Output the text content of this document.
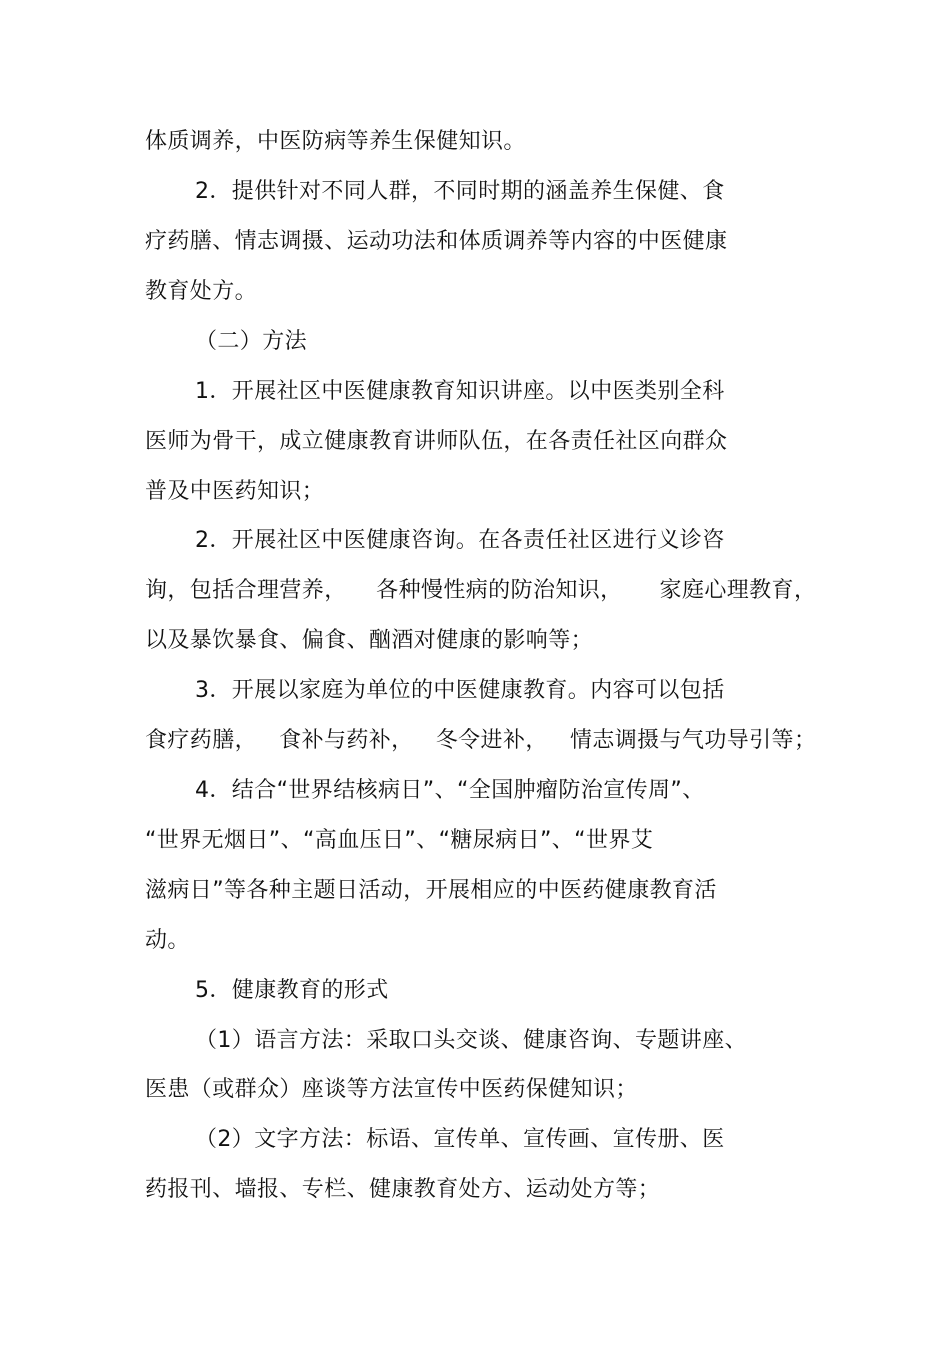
体质调养，中医防病等养生保健知识。
2．提供针对不同人群，不同时期的涵盖养生保健、食
疗药膳、情志调摄、运动功法和体质调养等内容的中医健康
教育处方。
（二）方法
1．开展社区中医健康教育知识讲座。以中医类别全科
医师为骨干，成立健康教育讲师队伍，在各责任社区向群众
普及中医药知识；
2．开展社区中医健康咨询。在各责任社区进行义诊咨
询，包括合理营养，    各种慢性病的防治知识，     家庭心理教育，
以及暴饮暴食、偏食、酗酒对健康的影响等；
3．开展以家庭为单位的中医健康教育。内容可以包括
食疗药膳，   食补与药补，   冬令进补，   情志调摄与气功导引等；
4．结合“世界结核病日”、“全国肿瘤防治宣传周”、
“世界无烟日”、“高血压日”、“糖尿病日”、“世界艾
滋病日”等各种主题日活动，开展相应的中医药健康教育活
动。
5．健康教育的形式
（1）语言方法：采取口头交谈、健康咨询、专题讲座、
医患（或群众）座谈等方法宣传中医药保健知识；
（2）文字方法：标语、宣传单、宣传画、宣传册、医
药报刊、墙报、专栏、健康教育处方、运动处方等；
